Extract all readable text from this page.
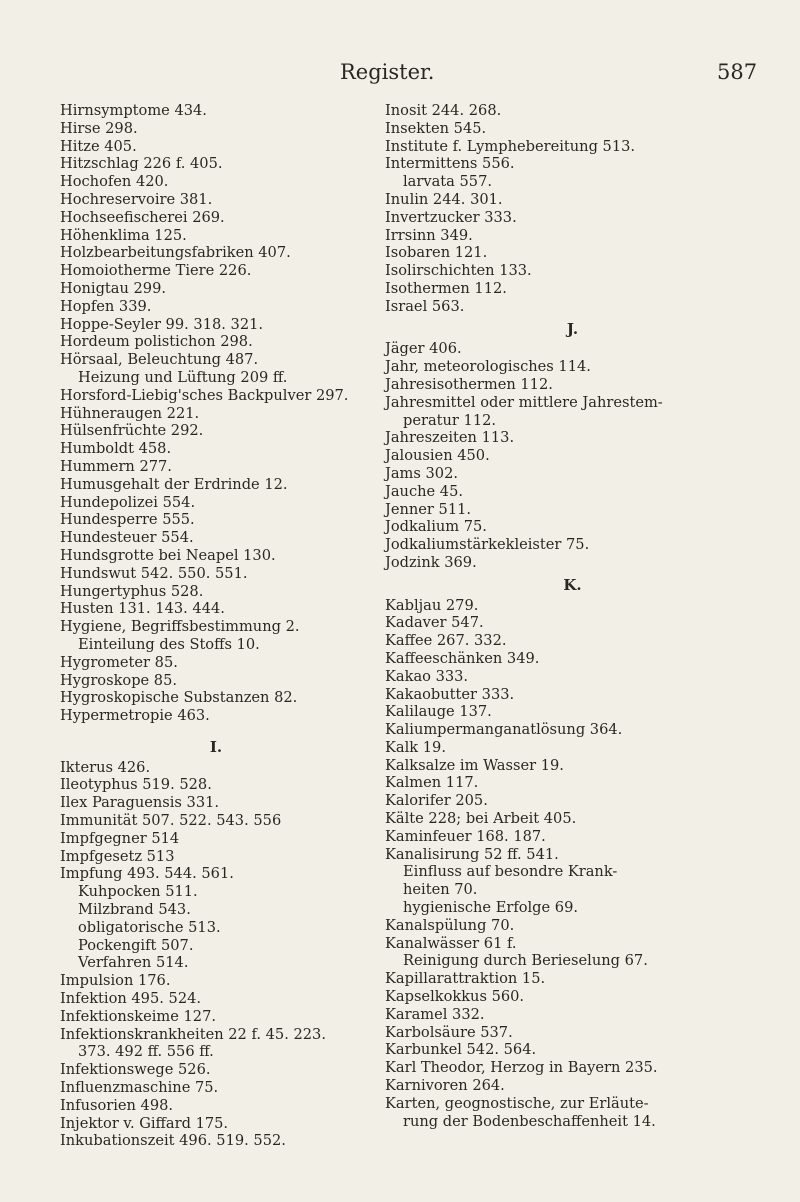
Register.	587
Hirnsymptome 434.
Hirse 298.
Hitze 405.
Hitzschlag 226 f. 405.
Hochofen 420.
Hochreservoire 381.
Hochseefischerei 269.
Höhenklima 125.
Holzbearbeitungsfabriken 407.
Homoiotherme Tiere 226.
Honigtau 299.
Hopfen 339.
Hoppe-Seyler 99. 318. 321.
Hordeum polistichon 298.
Hörsaal, Beleuchtung 487.
Heizung und Lüftung 209 ff.
Horsford-Liebig'sches Backpulver 297.
Hühneraugen 221.
Hülsenfrüchte 292.
Humboldt 458.
Hummern 277.
Humusgehalt der Erdrinde 12.
Hundepolizei 554.
Hundesperre 555.
Hundesteuer 554.
Hundsgrotte bei Neapel 130.
Hundswut 542. 550. 551.
Hungertyphus 528.
Husten 131. 143. 444.
Hygiene, Begriffsbestimmung 2.
Einteilung des Stoffs 10.
Hygrometer 85.
Hygroskope 85.
Hygroskopische Substanzen 82.
Hypermetropie 463.
I.
Ikterus 426.
Ileotyphus 519. 528.
Ilex Paraguensis 331.
Immunität 507. 522. 543. 556
Impfgegner 514
Impfgesetz 513
Impfung 493. 544. 561.
Kuhpocken 511.
Milzbrand 543.
obligatorische 513.
Pockengift 507.
Verfahren 514.
Impulsion 176.
Infektion 495. 524.
Infektionskeime 127.
Infektionskrankheiten 22 f. 45. 223.
373. 492 ff. 556 ff.
Infektionswege 526.
Influenzmaschine 75.
Infusorien 498.
Injektor v. Giffard 175.
Inkubationszeit 496. 519. 552.
Inosit 244. 268.
Insekten 545.
Institute f. Lymphebereitung 513.
Intermittens 556.
larvata 557.
Inulin 244. 301.
Invertzucker 333.
Irrsinn 349.
Isobaren 121.
Isolirschichten 133.
Isothermen 112.
Israel 563.
J.
Jäger 406.
Jahr, meteorologisches 114.
Jahresisothermen 112.
Jahresmittel oder mittlere Jahrestem-
peratur 112.
Jahreszeiten 113.
Jalousien 450.
Jams 302.
Jauche 45.
Jenner 511.
Jodkalium 75.
Jodkaliumstärkekleister 75.
Jodzink 369.
K.
Kabljau 279.
Kadaver 547.
Kaffee 267. 332.
Kaffeeschänken 349.
Kakao 333.
Kakaobutter 333.
Kalilauge 137.
Kaliumpermanganatlösung 364.
Kalk 19.
Kalksalze im Wasser 19.
Kalmen 117.
Kalorifer 205.
Kälte 228; bei Arbeit 405.
Kaminfeuer 168. 187.
Kanalisirung 52 ff. 541.
Einfluss auf besondre Krank-
heiten 70.
hygienische Erfolge 69.
Kanalspülung 70.
Kanalwässer 61 f.
Reinigung durch Berieselung 67.
Kapillarattraktion 15.
Kapselkokkus 560.
Karamel 332.
Karbolsäure 537.
Karbunkel 542. 564.
Karl Theodor, Herzog in Bayern 235.
Karnivoren 264.
Karten, geognostische, zur Erläute-
rung der Bodenbeschaffenheit 14.
